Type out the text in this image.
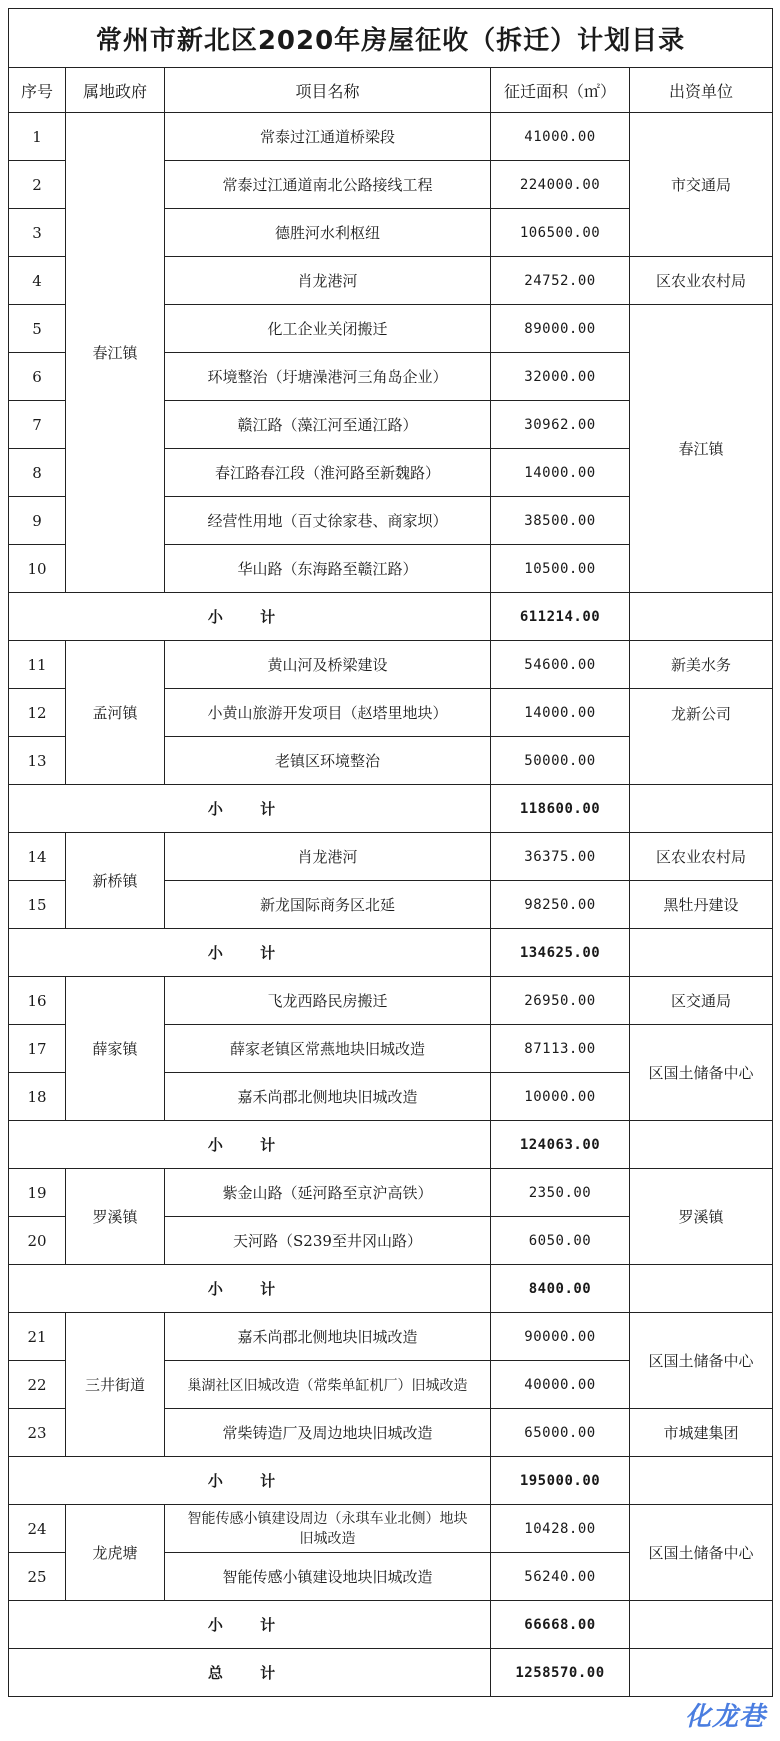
常州市新北区2020年房屋征收（拆迁）计划目录				
序号	属地政府	项目名称	征迁面积（㎡）	出资单位
1	春江镇	常泰过江通道桥梁段	41000.00	市交通局
2		常泰过江通道南北公路接线工程	224000.00	
3		德胜河水利枢纽	106500.00	
4		肖龙港河	24752.00	区农业农村局
5		化工企业关闭搬迁	89000.00	春江镇
6		环境整治（圩塘澡港河三角岛企业）	32000.00	
7		赣江路（藻江河至通江路）	30962.00	
8		春江路春江段（淮河路至新魏路）	14000.00	
9		经营性用地（百丈徐家巷、商家坝）	38500.00	
10		华山路（东海路至赣江路）	10500.00	
小 计			611214.00	
11	孟河镇	黄山河及桥梁建设	54600.00	新美水务
12		小黄山旅游开发项目（赵塔里地块）	14000.00	龙新公司
13		老镇区环境整治	50000.00	
小 计			118600.00	
14	新桥镇	肖龙港河	36375.00	区农业农村局
15		新龙国际商务区北延	98250.00	黑牡丹建设
小 计			134625.00	
16	薛家镇	飞龙西路民房搬迁	26950.00	区交通局
17		薛家老镇区常燕地块旧城改造	87113.00	区国土储备中心
18		嘉禾尚郡北侧地块旧城改造	10000.00	
小 计			124063.00	
19	罗溪镇	紫金山路（延河路至京沪高铁）	2350.00	罗溪镇
20		天河路（S239至井冈山路）	6050.00	
小 计			8400.00	
21	三井街道	嘉禾尚郡北侧地块旧城改造	90000.00	区国土储备中心
22		巢湖社区旧城改造（常柴单缸机厂）旧城改造	40000.00	
23		常柴铸造厂及周边地块旧城改造	65000.00	市城建集团
小 计			195000.00	
24	龙虎塘	智能传感小镇建设周边（永琪车业北侧）地块旧城改造	10428.00	区国土储备中心
25		智能传感小镇建设地块旧城改造	56240.00	
小 计			66668.00	
总 计			1258570.00	
化龙巷
